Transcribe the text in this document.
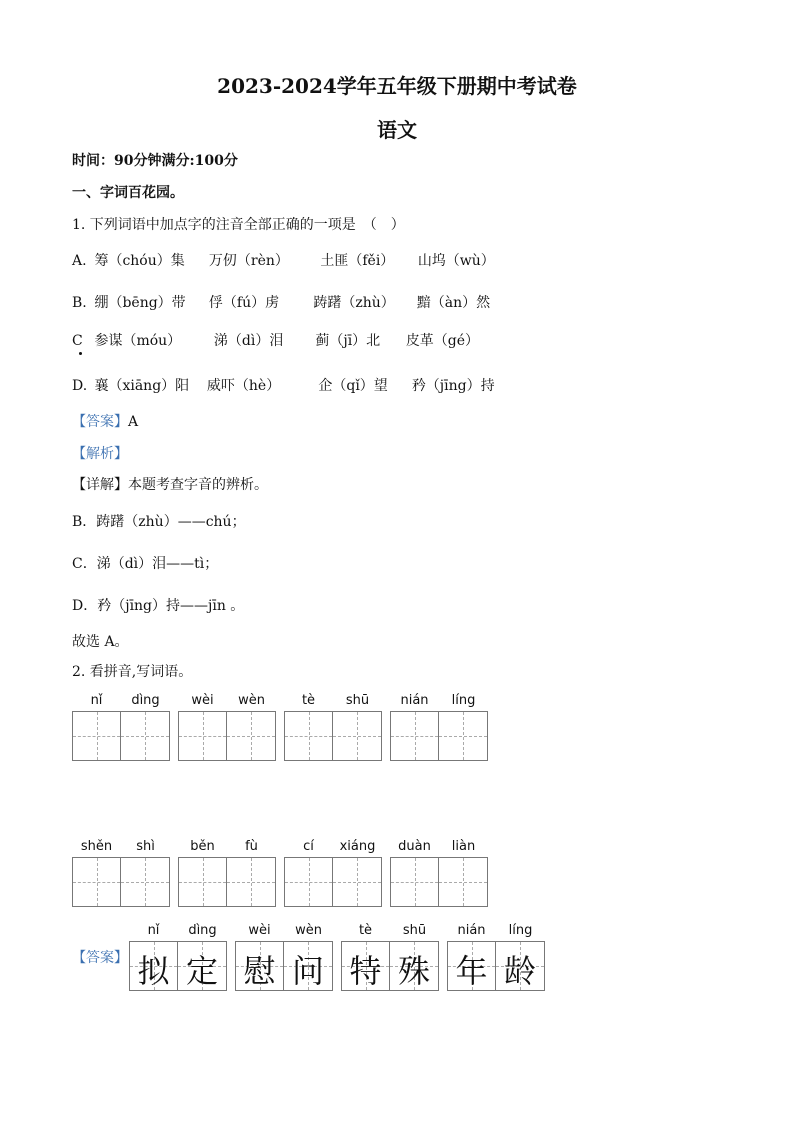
2023-2024学年五年级下册期中考试卷
语文
时间：90分钟满分:100分
一、字词百花园。
1. 下列词语中加点字的注音全部正确的一项是　（　）
A. 筹（chóu）集 万仞（rèn） 土匪（fěi） 山坞（wù）
B. 绷（bēng）带 俘（fú）虏 踌躇（zhù） 黯（àn）然
C 参谋（móu） 涕（dì）泪 蓟（jī）北 皮革（gé）
D. 襄（xiāng）阳 威吓（hè）	企（qǐ）望 矜（jīng）持
【答案】A
【解析】
【详解】本题考查字音的辨析。
B．踌躇（zhù）——chú；
C．涕（dì）泪——tì；
D．矜（jīng）持——jīn 。
故选 A。
2. 看拼音,写词语。
nǐ	dìng	wèi	wèn	tè	shū	nián	líng
shěn	shì	běn	fù	cí	xiáng	duàn	liàn
【答案】
nǐ	dìng	wèi	wèn	tè	shū	nián	líng
拟 定 慰 问 特 殊 年 龄
